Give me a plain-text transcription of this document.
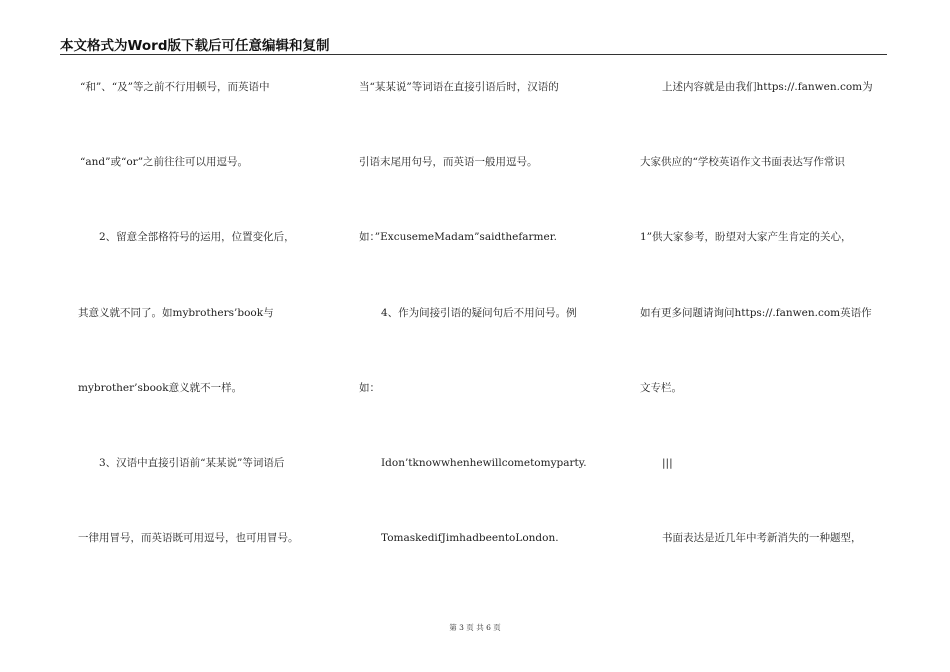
本文格式为Word版下载后可任意编辑和复制
“和”、“及”等之前不行用顿号，而英语中
“and”或“or”之前往往可以用逗号。
2、留意全部格符号的运用，位置变化后，
其意义就不同了。如mybrothers’book与
mybrother’sbook意义就不一样。
3、汉语中直接引语前“某某说”等词语后
一律用冒号，而英语既可用逗号，也可用冒号。
当“某某说”等词语在直接引语后时，汉语的
引语末尾用句号，而英语一般用逗号。
如：”ExcusemeMadam”saidthefarmer.
4、作为间接引语的疑问句后不用问号。例
如：
Idon’tknowwhenhewillcometomyparty.
TomaskedifJimhadbeentoLondon.
上述内容就是由我们https://.fanwen.com为
大家供应的“学校英语作文书面表达写作常识
1”供大家参考，盼望对大家产生肯定的关心，
如有更多问题请询问https://.fanwen.com英语作
文专栏。
|||
书面表达是近几年中考新消失的一种题型，
第 3 页 共 6 页
